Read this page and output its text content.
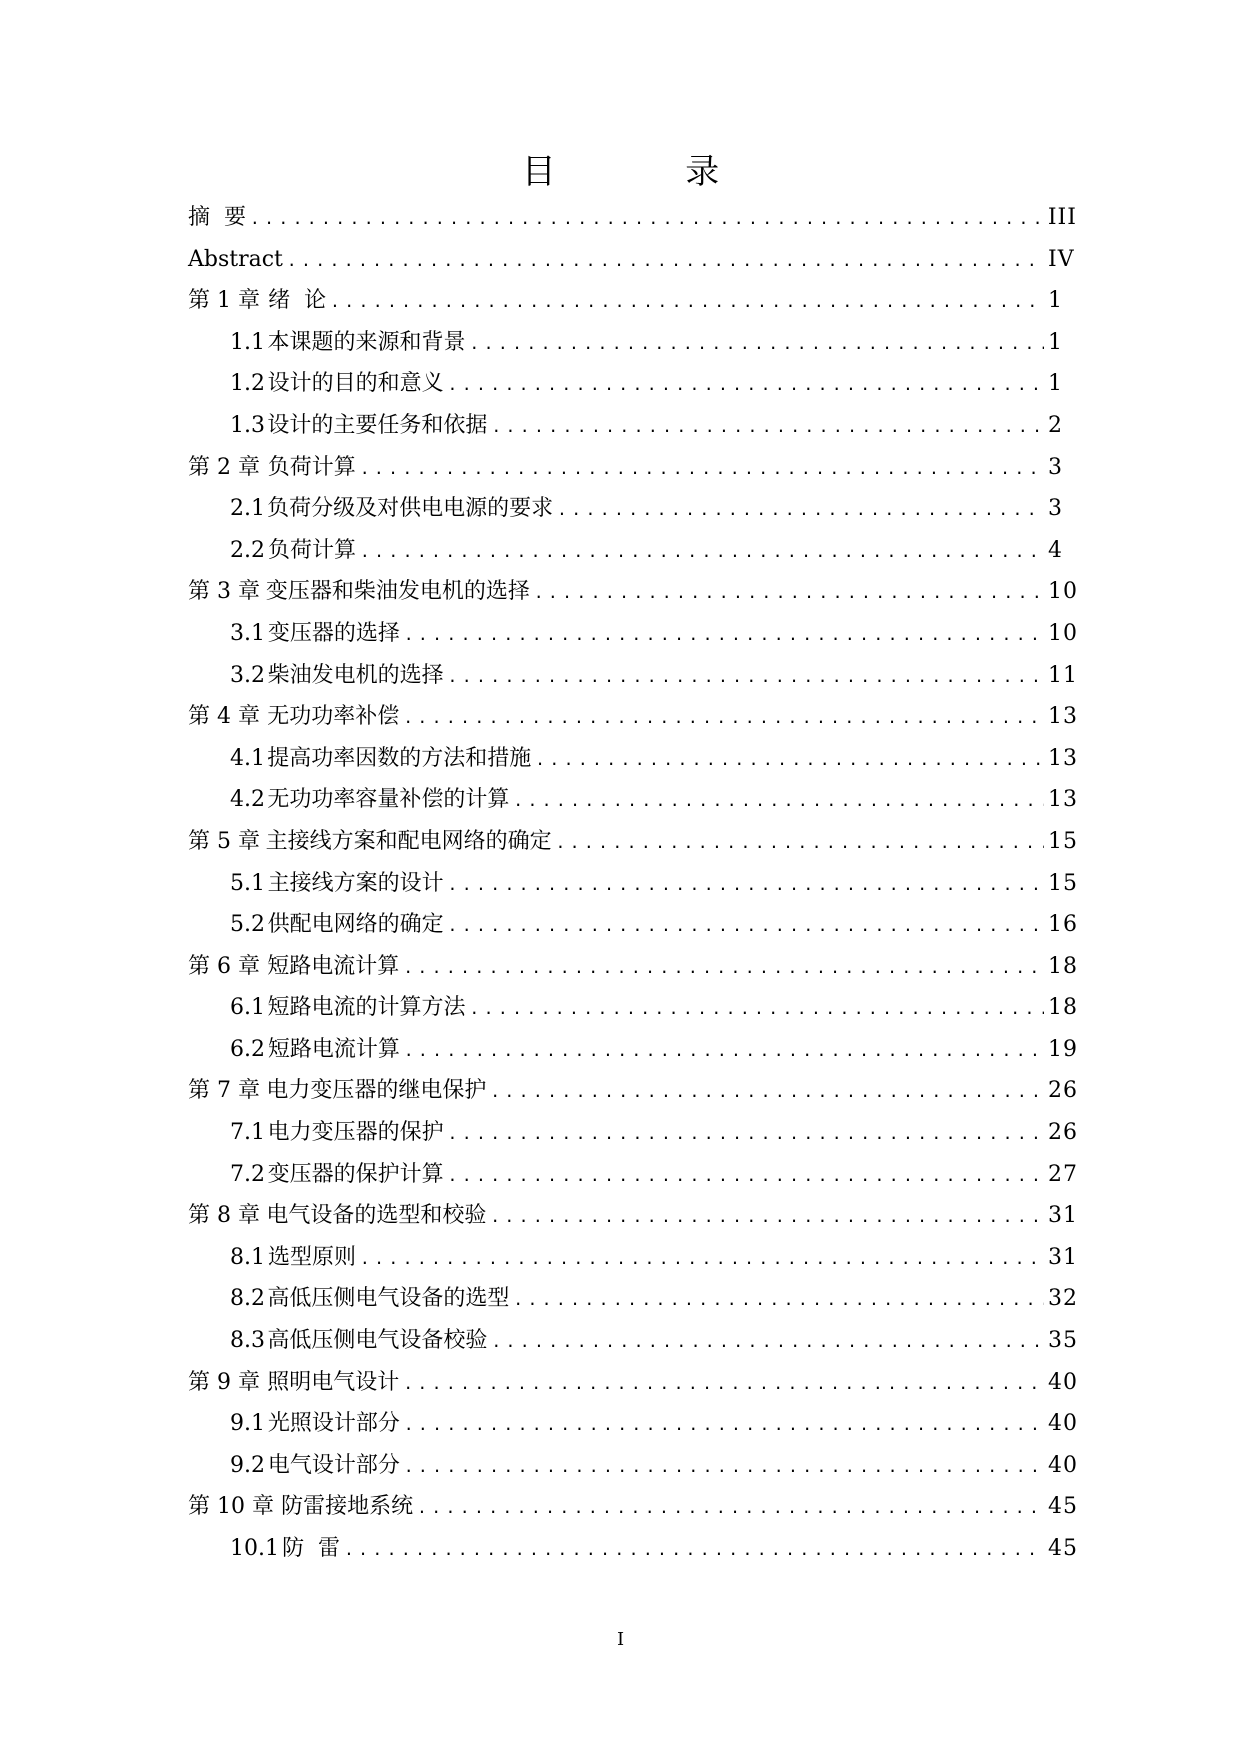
目  录
摘  要 .....	III
Abstract .....	IV
第 1 章 绪  论 .....	1
1.1 本课题的来源和背景 .....	1
1.2 设计的目的和意义 .....	1
1.3 设计的主要任务和依据 .....	2
第 2 章 负荷计算 .....	3
2.1 负荷分级及对供电电源的要求 .....	3
2.2 负荷计算 .....	4
第 3 章 变压器和柴油发电机的选择 .....	10
3.1 变压器的选择 .....	10
3.2 柴油发电机的选择 .....	11
第 4 章 无功功率补偿 .....	13
4.1 提高功率因数的方法和措施 .....	13
4.2 无功功率容量补偿的计算 .....	13
第 5 章 主接线方案和配电网络的确定 .....	15
5.1 主接线方案的设计 .....	15
5.2 供配电网络的确定 .....	16
第 6 章 短路电流计算 .....	18
6.1 短路电流的计算方法 .....	18
6.2 短路电流计算 .....	19
第 7 章 电力变压器的继电保护 .....	26
7.1 电力变压器的保护 .....	26
7.2 变压器的保护计算 .....	27
第 8 章 电气设备的选型和校验 .....	31
8.1 选型原则 .....	31
8.2 高低压侧电气设备的选型 .....	32
8.3 高低压侧电气设备校验 .....	35
第 9 章 照明电气设计 .....	40
9.1 光照设计部分 .....	40
9.2 电气设计部分 .....	40
第 10 章 防雷接地系统 .....	45
10.1 防  雷 .....	45
I
